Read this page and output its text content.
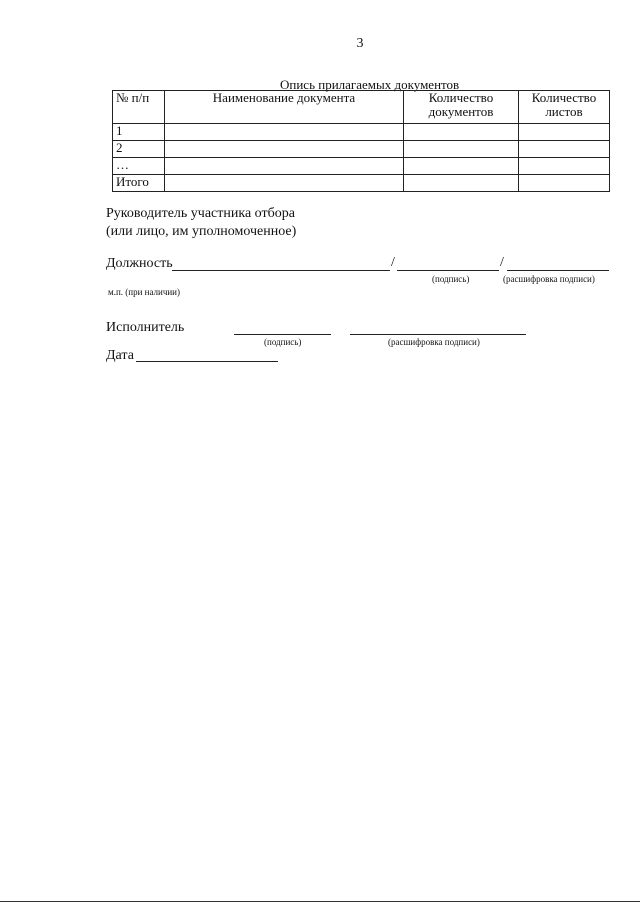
3
Опись прилагаемых документов
№ п/п	Наименование документа	Количество документов	Количество листов
1			
2			
…			
Итого			
Руководитель участника отбора
(или лицо, им уполномоченное)
Должность	/	/
(подпись)	(расшифровка подписи)
м.п. (при наличии)
Исполнитель
(подпись)	(расшифровка подписи)
Дата
